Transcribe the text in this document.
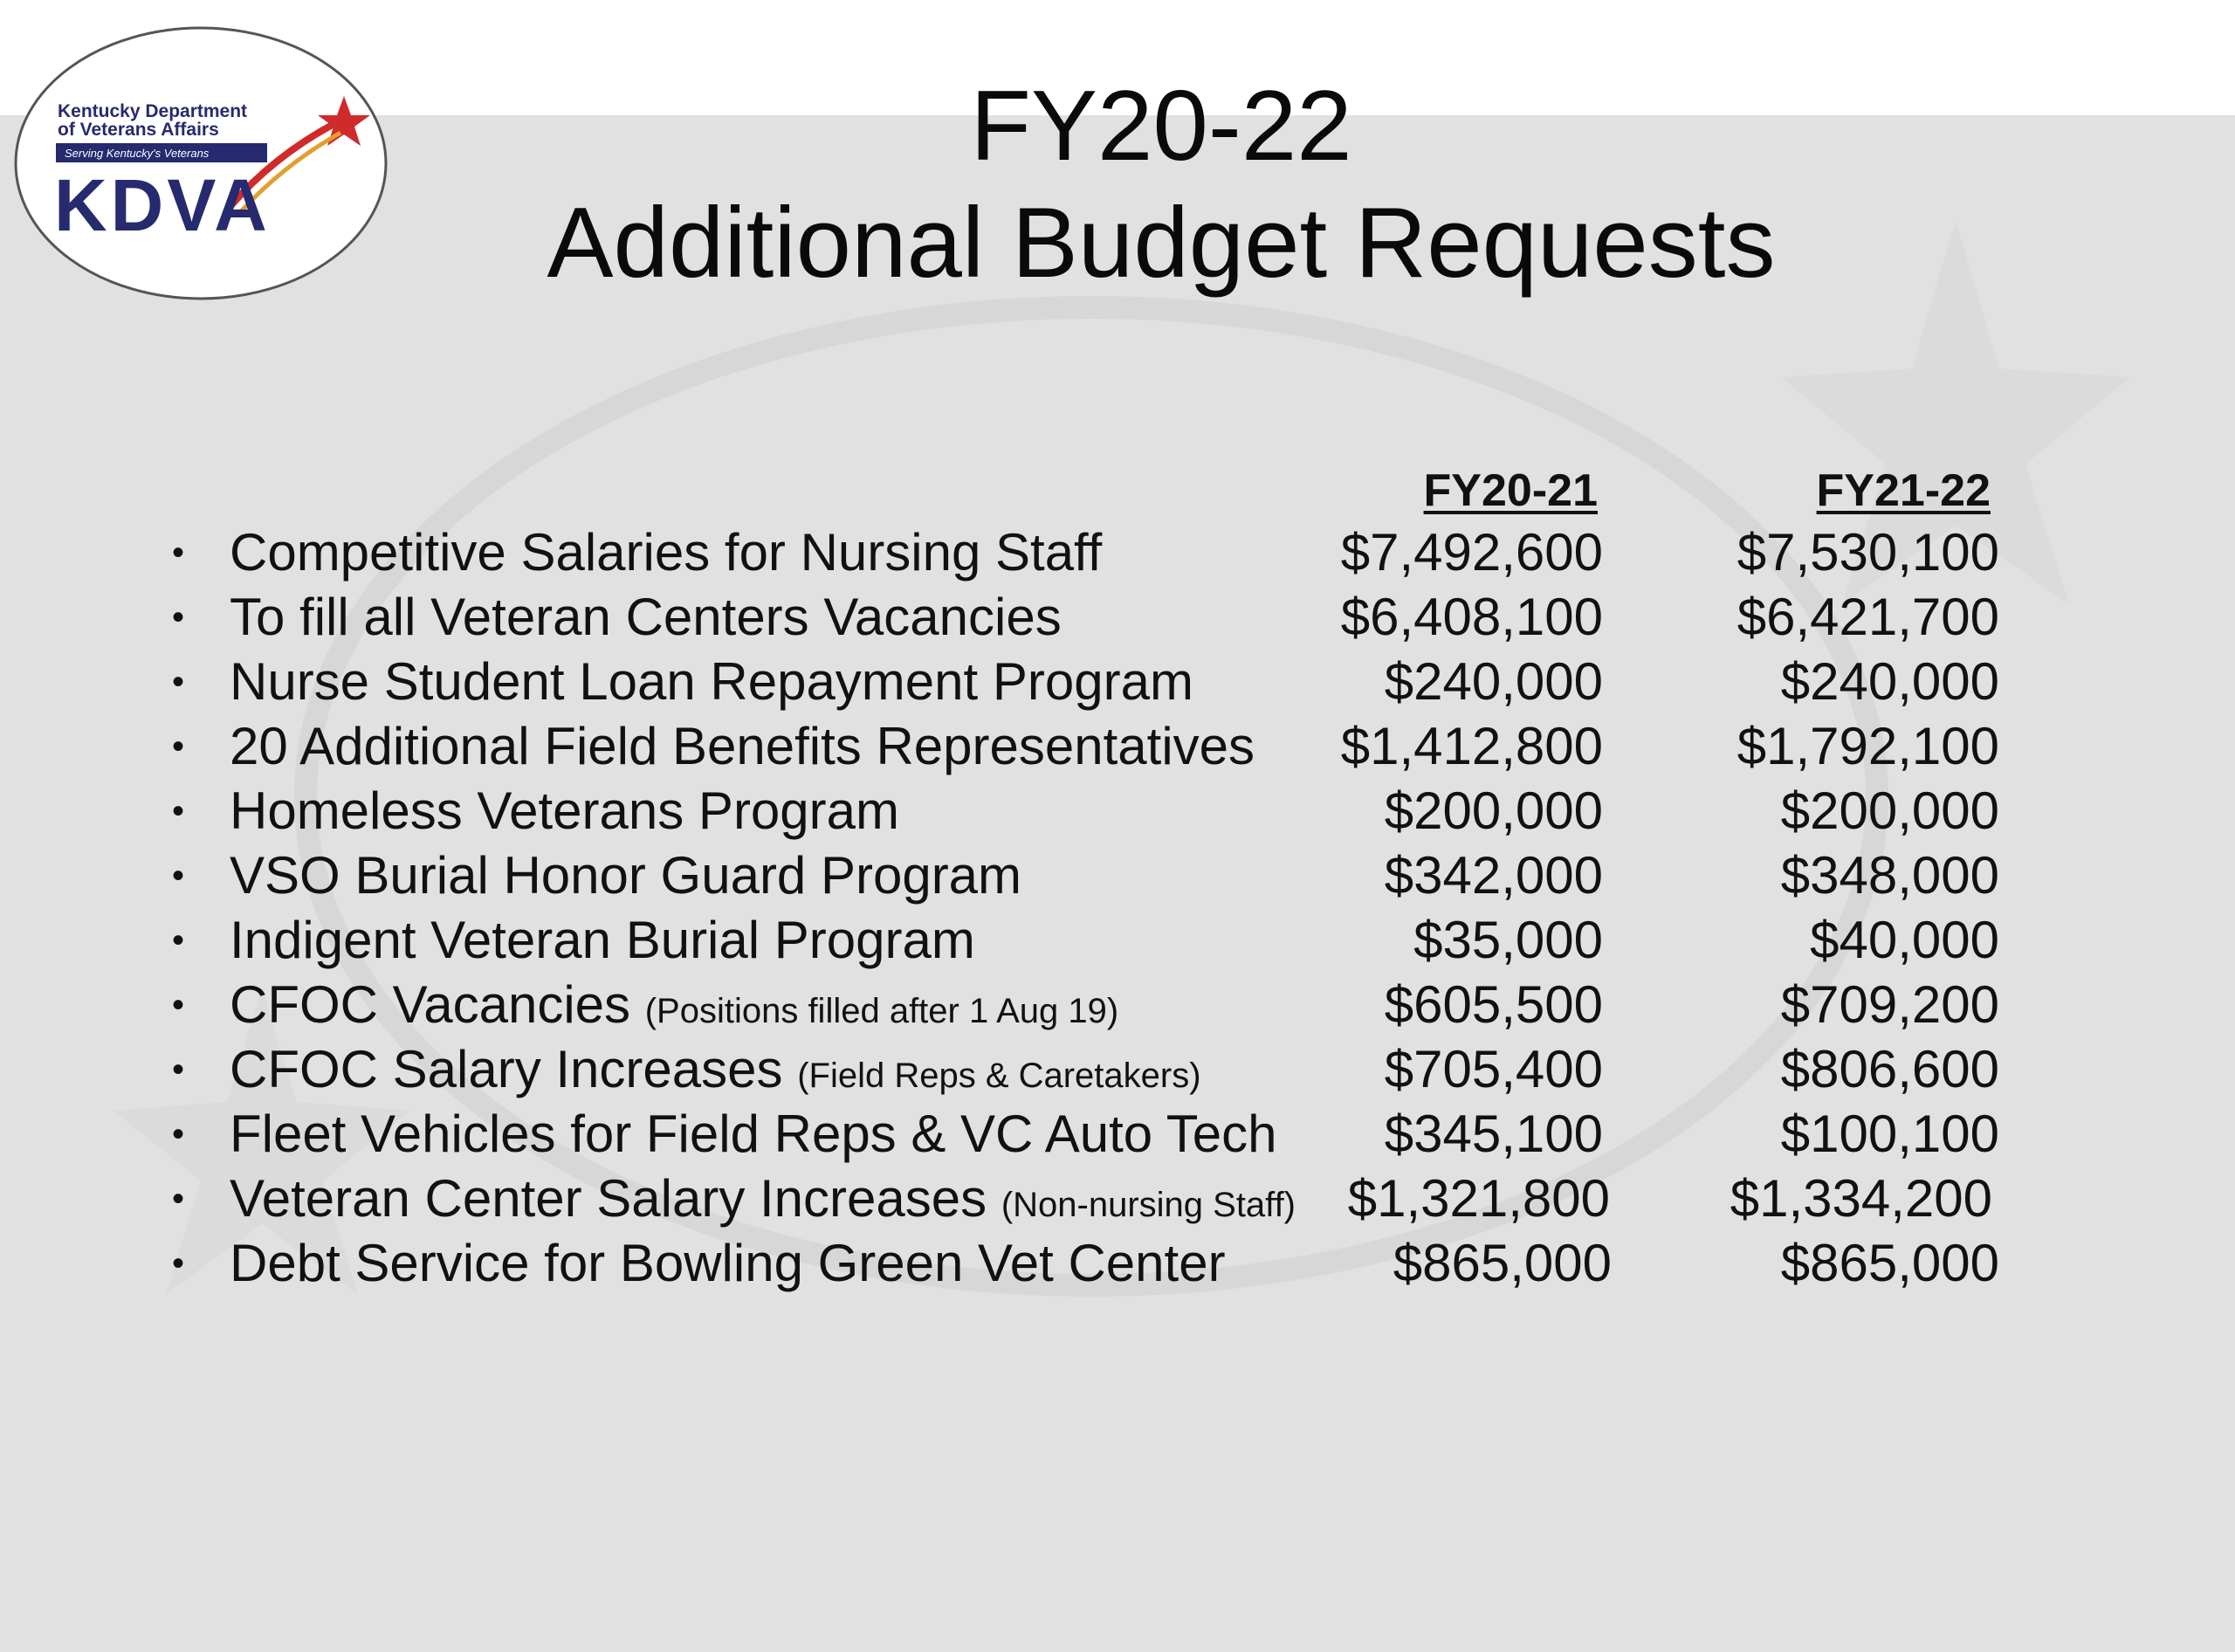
Kentucky Department
of Veterans Affairs
Serving Kentucky's Veterans
KDVA
FY20-22
Additional Budget Requests
FY20-21	FY21-22
• Competitive Salaries for Nursing Staff	$7,492,600	$7,530,100
• To fill all Veteran Centers Vacancies	$6,408,100	$6,421,700
• Nurse Student Loan Repayment Program	$240,000	$240,000
• 20 Additional Field Benefits Representatives	$1,412,800	$1,792,100
• Homeless Veterans Program	$200,000	$200,000
• VSO Burial Honor Guard Program	$342,000	$348,000
• Indigent Veteran Burial Program	$35,000	$40,000
• CFOC Vacancies (Positions filled after 1 Aug 19)	$605,500	$709,200
• CFOC Salary Increases (Field Reps & Caretakers)	$705,400	$806,600
• Fleet Vehicles for Field Reps & VC Auto Tech	$345,100	$100,100
• Veteran Center Salary Increases (Non-nursing Staff) $1,321,800	$1,334,200
• Debt Service for Bowling Green Vet Center	$865,000	$865,000
